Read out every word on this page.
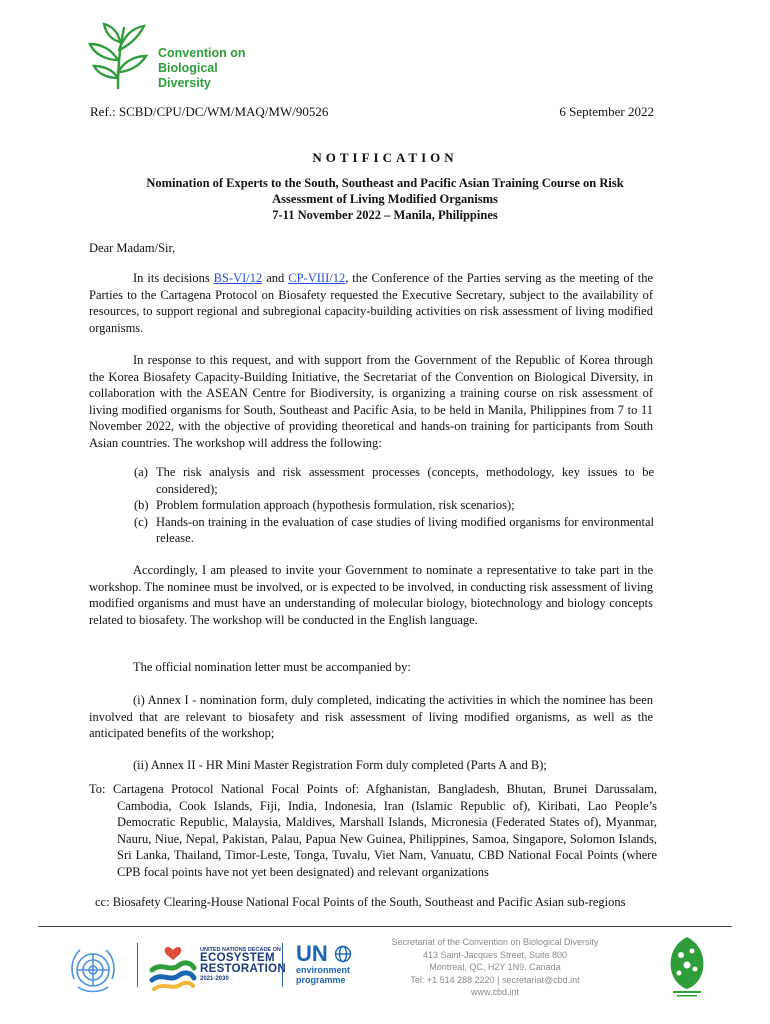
Convention on
Biological Diversity
Ref.: SCBD/CPU/DC/WM/MAQ/MW/90526	6 September 2022
NOTIFICATION
Nomination of Experts to the South, Southeast and Pacific Asian Training Course on Risk
Assessment of Living Modified Organisms
7-11 November 2022 – Manila, Philippines
Dear Madam/Sir,
In its decisions BS-VI/12 and CP-VIII/12, the Conference of the Parties serving as the meeting of the Parties to the Cartagena Protocol on Biosafety requested the Executive Secretary, subject to the availability of resources, to support regional and subregional capacity-building activities on risk assessment of living modified organisms.
In response to this request, and with support from the Government of the Republic of Korea through the Korea Biosafety Capacity-Building Initiative, the Secretariat of the Convention on Biological Diversity, in collaboration with the ASEAN Centre for Biodiversity, is organizing a training course on risk assessment of living modified organisms for South, Southeast and Pacific Asia, to be held in Manila, Philippines from 7 to 11 November 2022, with the objective of providing theoretical and hands-on training for participants from South Asian countries. The workshop will address the following:
(a) The risk analysis and risk assessment processes (concepts, methodology, key issues to be considered);
(b) Problem formulation approach (hypothesis formulation, risk scenarios);
(c) Hands-on training in the evaluation of case studies of living modified organisms for environmental release.
Accordingly, I am pleased to invite your Government to nominate a representative to take part in the workshop. The nominee must be involved, or is expected to be involved, in conducting risk assessment of living modified organisms and must have an understanding of molecular biology, biotechnology and biology concepts related to biosafety. The workshop will be conducted in the English language.
The official nomination letter must be accompanied by:
(i) Annex I - nomination form, duly completed, indicating the activities in which the nominee has been involved that are relevant to biosafety and risk assessment of living modified organisms, as well as the anticipated benefits of the workshop;
(ii) Annex II - HR Mini Master Registration Form duly completed (Parts A and B);
To: Cartagena Protocol National Focal Points of: Afghanistan, Bangladesh, Bhutan, Brunei Darussalam, Cambodia, Cook Islands, Fiji, India, Indonesia, Iran (Islamic Republic of), Kiribati, Lao People’s Democratic Republic, Malaysia, Maldives, Marshall Islands, Micronesia (Federated States of), Myanmar, Nauru, Niue, Nepal, Pakistan, Palau, Papua New Guinea, Philippines, Samoa, Singapore, Solomon Islands, Sri Lanka, Thailand, Timor-Leste, Tonga, Tuvalu, Viet Nam, Vanuatu, CBD National Focal Points (where CPB focal points have not yet been designated) and relevant organizations
cc: Biosafety Clearing-House National Focal Points of the South, Southeast and Pacific Asian sub-regions
UNITED NATIONS DECADE ON
ECOSYSTEM
RESTORATION
2021-2030
UN
environment
programme
Secretariat of the Convention on Biological Diversity
413 Saint-Jacques Street, Suite 800
Montreal, QC, H2Y 1N9, Canada
Tel: +1 514 288 2220 | secretariat@cbd.int
www.cbd.int
